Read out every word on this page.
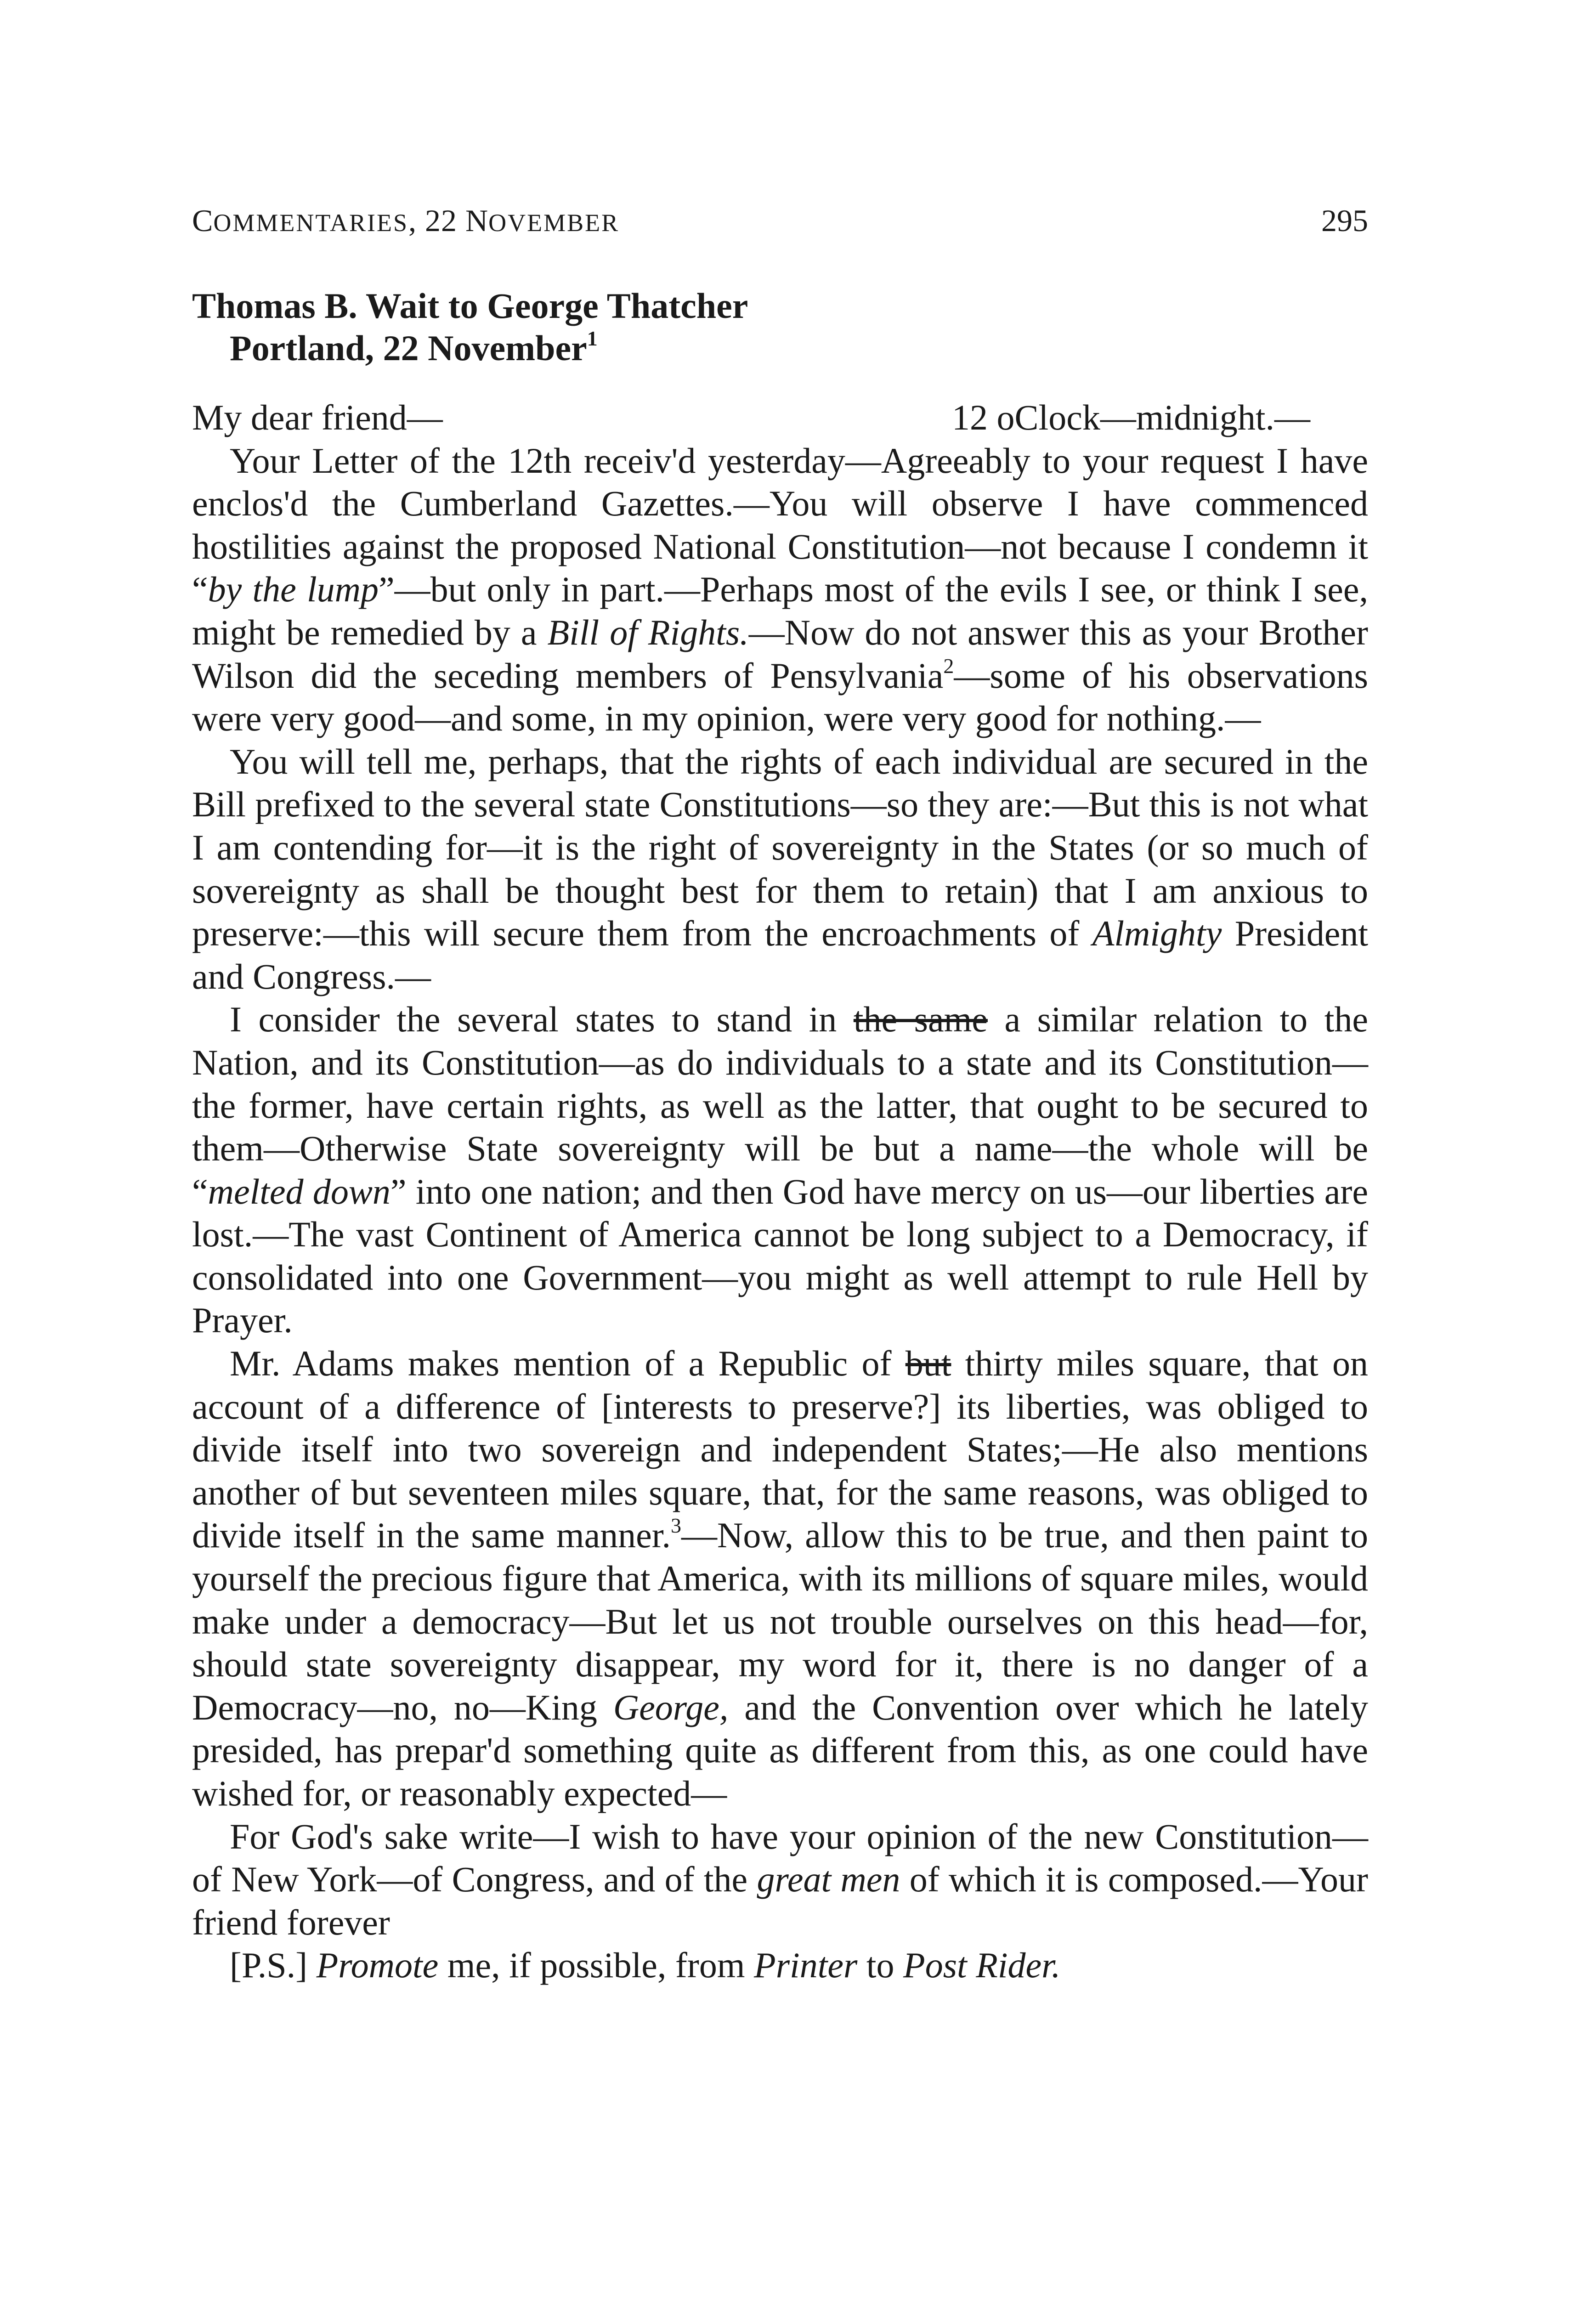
COMMENTARIES, 22 NOVEMBER	295
Thomas B. Wait to George Thatcher
Portland, 22 November$^1$

My dear friend—	12 oClock—midnight.—

Your Letter of the 12th receiv'd yesterday—Agreeably to your request I have enclos'd the Cumberland Gazettes.—You will observe I have commenced hostilities against the proposed National Constitution—not because I condemn it “by the lump”—but only in part.—Perhaps most of the evils I see, or think I see, might be remedied by a Bill of Rights.—Now do not answer this as your Brother Wilson did the seceding members of Pensylvania$^2$—some of his observations were very good—and some, in my opinion, were very good for nothing.—

You will tell me, perhaps, that the rights of each individual are secured in the Bill prefixed to the several state Constitutions—so they are:—But this is not what I am contending for—it is the right of sovereignty in the States (or so much of sovereignty as shall be thought best for them to retain) that I am anxious to preserve:—this will secure them from the encroachments of Almighty President and Congress.—

I consider the several states to stand in the same a similar relation to the Nation, and its Constitution—as do individuals to a state and its Constitution—the former, have certain rights, as well as the latter, that ought to be secured to them—Otherwise State sovereignty will be but a name—the whole will be “melted down” into one nation; and then God have mercy on us—our liberties are lost.—The vast Continent of America cannot be long subject to a Democracy, if consolidated into one Government—you might as well attempt to rule Hell by Prayer.

Mr. Adams makes mention of a Republic of but thirty miles square, that on account of a difference of [interests to preserve?] its liberties, was obliged to divide itself into two sovereign and independent States;—He also mentions another of but seventeen miles square, that, for the same reasons, was obliged to divide itself in the same manner.$^3$—Now, allow this to be true, and then paint to yourself the precious figure that America, with its millions of square miles, would make under a democracy—But let us not trouble ourselves on this head—for, should state sovereignty disappear, my word for it, there is no danger of a Democracy—no, no—King George, and the Convention over which he lately presided, has prepar'd something quite as different from this, as one could have wished for, or reasonably expected—

For God's sake write—I wish to have your opinion of the new Constitution—of New York—of Congress, and of the great men of which it is composed.—Your friend forever

[P.S.] Promote me, if possible, from Printer to Post Rider.
